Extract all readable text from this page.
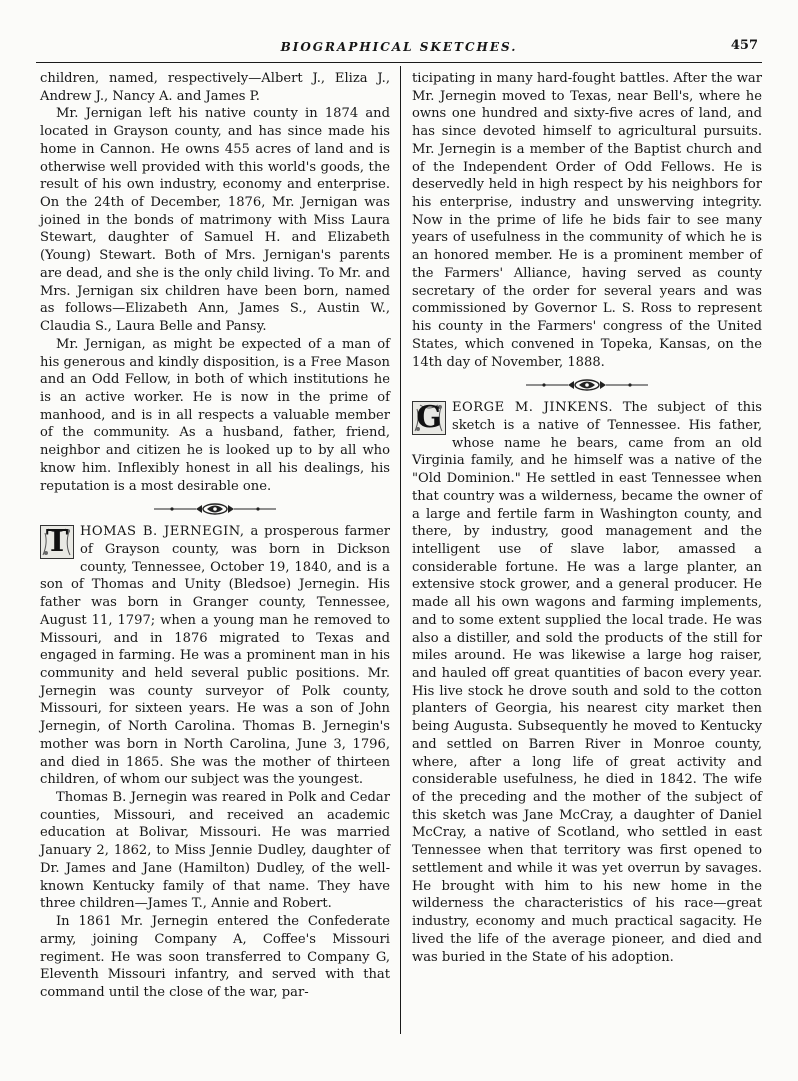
BIOGRAPHICAL SKETCHES.	457

children, named, respectively—Albert J., Eliza J., Andrew J., Nancy A. and James P.

Mr. Jernigan left his native county in 1874 and located in Grayson county, and has since made his home in Cannon. He owns 455 acres of land and is otherwise well provided with this world's goods, the result of his own industry, economy and enterprise. On the 24th of December, 1876, Mr. Jernigan was joined in the bonds of matrimony with Miss Laura Stewart, daughter of Samuel H. and Elizabeth (Young) Stewart. Both of Mrs. Jernigan's parents are dead, and she is the only child living. To Mr. and Mrs. Jernigan six children have been born, named as follows—Elizabeth Ann, James S., Austin W., Claudia S., Laura Belle and Pansy.

Mr. Jernigan, as might be expected of a man of his generous and kindly disposition, is a Free Mason and an Odd Fellow, in both of which institutions he is an active worker. He is now in the prime of manhood, and is in all respects a valuable member of the community. As a husband, father, friend, neighbor and citizen he is looked up to by all who know him. Inflexibly honest in all his dealings, his reputation is a most desirable one.

T HOMAS B. JERNEGIN, a prosperous farmer of Grayson county, was born in Dickson county, Tennessee, October 19, 1840, and is a son of Thomas and Unity (Bledsoe) Jernegin. His father was born in Granger county, Tennessee, August 11, 1797; when a young man he removed to Missouri, and in 1876 migrated to Texas and engaged in farming. He was a prominent man in his community and held several public positions. Mr. Jernegin was county surveyor of Polk county, Missouri, for sixteen years. He was a son of John Jernegin, of North Carolina. Thomas B. Jernegin's mother was born in North Carolina, June 3, 1796, and died in 1865. She was the mother of thirteen children, of whom our subject was the youngest.

Thomas B. Jernegin was reared in Polk and Cedar counties, Missouri, and received an academic education at Bolivar, Missouri. He was married January 2, 1862, to Miss Jennie Dudley, daughter of Dr. James and Jane (Hamilton) Dudley, of the well-known Kentucky family of that name. They have three children—James T., Annie and Robert.

In 1861 Mr. Jernegin entered the Confederate army, joining Company A, Coffee's Missouri regiment. He was soon transferred to Company G, Eleventh Missouri infantry, and served with that command until the close of the war, par-

ticipating in many hard-fought battles. After the war Mr. Jernegin moved to Texas, near Bell's, where he owns one hundred and sixty-five acres of land, and has since devoted himself to agricultural pursuits. Mr. Jernegin is a member of the Baptist church and of the Independent Order of Odd Fellows. He is deservedly held in high respect by his neighbors for his enterprise, industry and unswerving integrity. Now in the prime of life he bids fair to see many years of usefulness in the community of which he is an honored member. He is a prominent member of the Farmers' Alliance, having served as county secretary of the order for several years and was commissioned by Governor L. S. Ross to represent his county in the Farmers' congress of the United States, which convened in Topeka, Kansas, on the 14th day of November, 1888.

G EORGE M. JINKENS. The subject of this sketch is a native of Tennessee. His father, whose name he bears, came from an old Virginia family, and he himself was a native of the "Old Dominion." He settled in east Tennessee when that country was a wilderness, became the owner of a large and fertile farm in Washington county, and there, by industry, good management and the intelligent use of slave labor, amassed a considerable fortune. He was a large planter, an extensive stock grower, and a general producer. He made all his own wagons and farming implements, and to some extent supplied the local trade. He was also a distiller, and sold the products of the still for miles around. He was likewise a large hog raiser, and hauled off great quantities of bacon every year. His live stock he drove south and sold to the cotton planters of Georgia, his nearest city market then being Augusta. Subsequently he moved to Kentucky and settled on Barren River in Monroe county, where, after a long life of great activity and considerable usefulness, he died in 1842. The wife of the preceding and the mother of the subject of this sketch was Jane McCray, a daughter of Daniel McCray, a native of Scotland, who settled in east Tennessee when that territory was first opened to settlement and while it was yet overrun by savages. He brought with him to his new home in the wilderness the characteristics of his race—great industry, economy and much practical sagacity. He lived the life of the average pioneer, and died and was buried in the State of his adoption.
